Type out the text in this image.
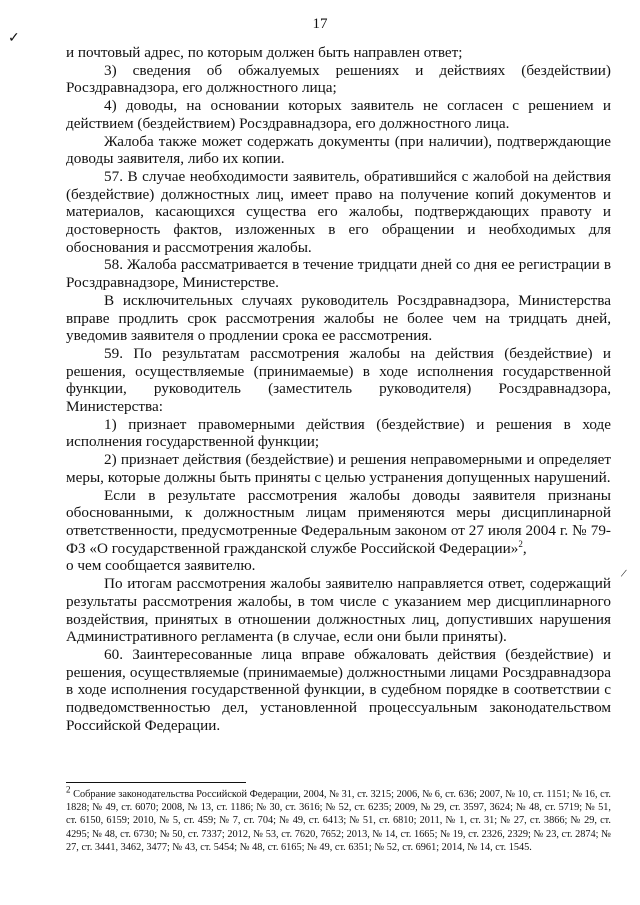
✓
17

и почтовый адрес, по которым должен быть направлен ответ;

3) сведения об обжалуемых решениях и действиях (бездействии) Росздравнадзора, его должностного лица;

4) доводы, на основании которых заявитель не согласен с решением и действием (бездействием) Росздравнадзора, его должностного лица.

Жалоба также может содержать документы (при наличии), подтверждающие доводы заявителя, либо их копии.

57. В случае необходимости заявитель, обратившийся с жалобой на действия (бездействие) должностных лиц, имеет право на получение копий документов и материалов, касающихся существа его жалобы, подтверждающих правоту и достоверность фактов, изложенных в его обращении и необходимых для обоснования и рассмотрения жалобы.

58. Жалоба рассматривается в течение тридцати дней со дня ее регистрации в Росздравнадзоре, Министерстве.

В исключительных случаях руководитель Росздравнадзора, Министерства вправе продлить срок рассмотрения жалобы не более чем на тридцать дней, уведомив заявителя о продлении срока ее рассмотрения.

59. По результатам рассмотрения жалобы на действия (бездействие) и решения, осуществляемые (принимаемые) в ходе исполнения государственной функции, руководитель (заместитель руководителя) Росздравнадзора, Министерства:

1) признает правомерными действия (бездействие) и решения в ходе исполнения государственной функции;

2) признает действия (бездействие) и решения неправомерными и определяет меры, которые должны быть приняты с целью устранения допущенных нарушений.

Если в результате рассмотрения жалобы доводы заявителя признаны обоснованными, к должностным лицам применяются меры дисциплинарной ответственности, предусмотренные Федеральным законом от 27 июля 2004 г. № 79-ФЗ «О государственной гражданской службе Российской Федерации»$^2$,

о чем сообщается заявителю.

По итогам рассмотрения жалобы заявителю направляется ответ, содержащий результаты рассмотрения жалобы, в том числе с указанием мер дисциплинарного воздействия, принятых в отношении должностных лиц, допустивших нарушения Административного регламента (в случае, если они были приняты).

60. Заинтересованные лица вправе обжаловать действия (бездействие) и решения, осуществляемые (принимаемые) должностными лицами Росздравнадзора в ходе исполнения государственной функции, в судебном порядке в соответствии с подведомственностью дел, установленной процессуальным законодательством Российской Федерации.

/
$^2$ Собрание законодательства Российской Федерации, 2004, № 31, ст. 3215; 2006, № 6, ст. 636; 2007, № 10, ст. 1151; № 16, ст. 1828; № 49, ст. 6070; 2008, № 13, ст. 1186; № 30, ст. 3616; № 52, ст. 6235; 2009, № 29, ст. 3597, 3624; № 48, ст. 5719; № 51, ст. 6150, 6159; 2010, № 5, ст. 459; № 7, ст. 704; № 49, ст. 6413; № 51, ст. 6810; 2011, № 1, ст. 31; № 27, ст. 3866; № 29, ст. 4295; № 48, ст. 6730; № 50, ст. 7337; 2012, № 53, ст. 7620, 7652; 2013, № 14, ст. 1665; № 19, ст. 2326, 2329; № 23, ст. 2874; № 27, ст. 3441, 3462, 3477; № 43, ст. 5454; № 48, ст. 6165; № 49, ст. 6351; № 52, ст. 6961; 2014, № 14, ст. 1545.
